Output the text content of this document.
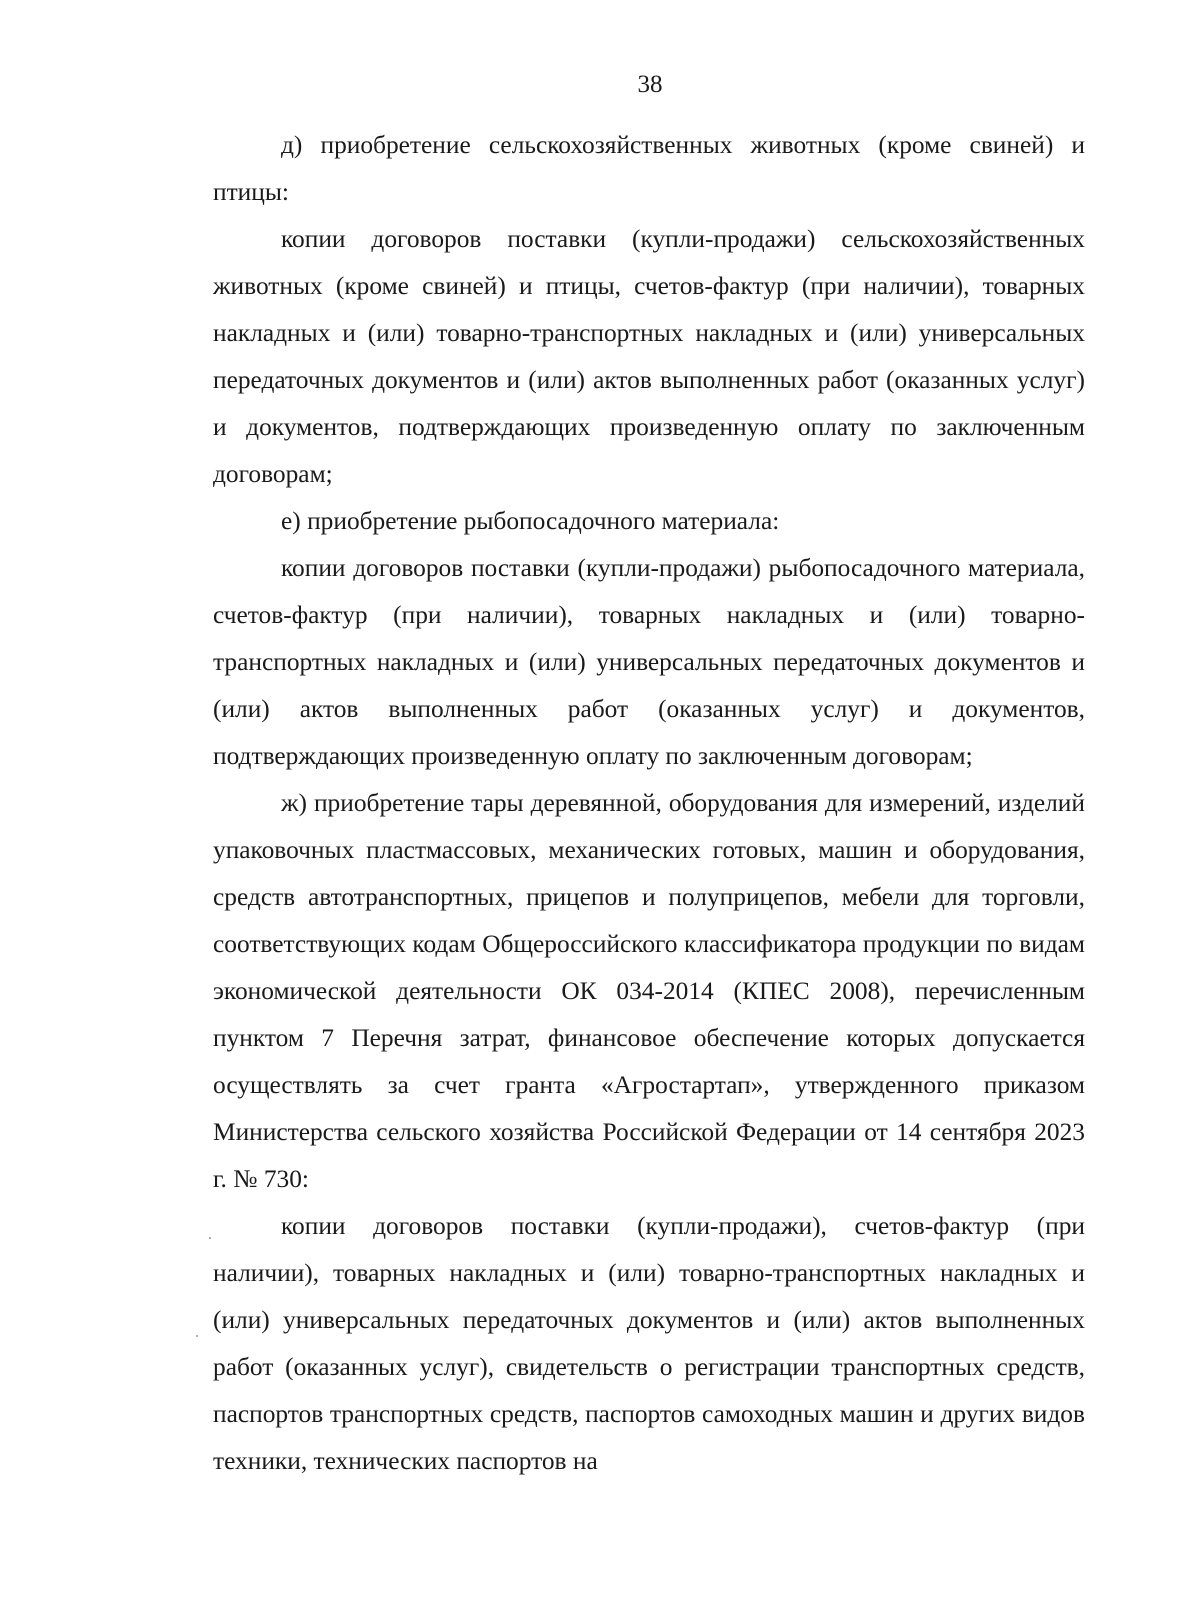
38

д) приобретение сельскохозяйственных животных (кроме свиней) и птицы:

копии договоров поставки (купли-продажи) сельскохозяйственных животных (кроме свиней) и птицы, счетов-фактур (при наличии), товарных накладных и (или) товарно-транспортных накладных и (или) универсальных передаточных документов и (или) актов выполненных работ (оказанных услуг) и документов, подтверждающих произведенную оплату по заключенным договорам;

е) приобретение рыбопосадочного материала:

копии договоров поставки (купли-продажи) рыбопосадочного материала, счетов-фактур (при наличии), товарных накладных и (или) товарно-транспортных накладных и (или) универсальных передаточных документов и (или) актов выполненных работ (оказанных услуг) и документов, подтверждающих произведенную оплату по заключенным договорам;

ж) приобретение тары деревянной, оборудования для измерений, изделий упаковочных пластмассовых, механических готовых, машин и оборудования, средств автотранспортных, прицепов и полуприцепов, мебели для торговли, соответствующих кодам Общероссийского классификатора продукции по видам экономической деятельности ОК 034-2014 (КПЕС 2008), перечисленным пунктом 7 Перечня затрат, финансовое обеспечение которых допускается осуществлять за счет гранта «Агростартап», утвержденного приказом Министерства сельского хозяйства Российской Федерации от 14 сентября 2023 г. № 730:

копии договоров поставки (купли-продажи), счетов-фактур (при наличии), товарных накладных и (или) товарно-транспортных накладных и (или) универсальных передаточных документов и (или) актов выполненных работ (оказанных услуг), свидетельств о регистрации транспортных средств, паспортов транспортных средств, паспортов самоходных машин и других видов техники, технических паспортов на
